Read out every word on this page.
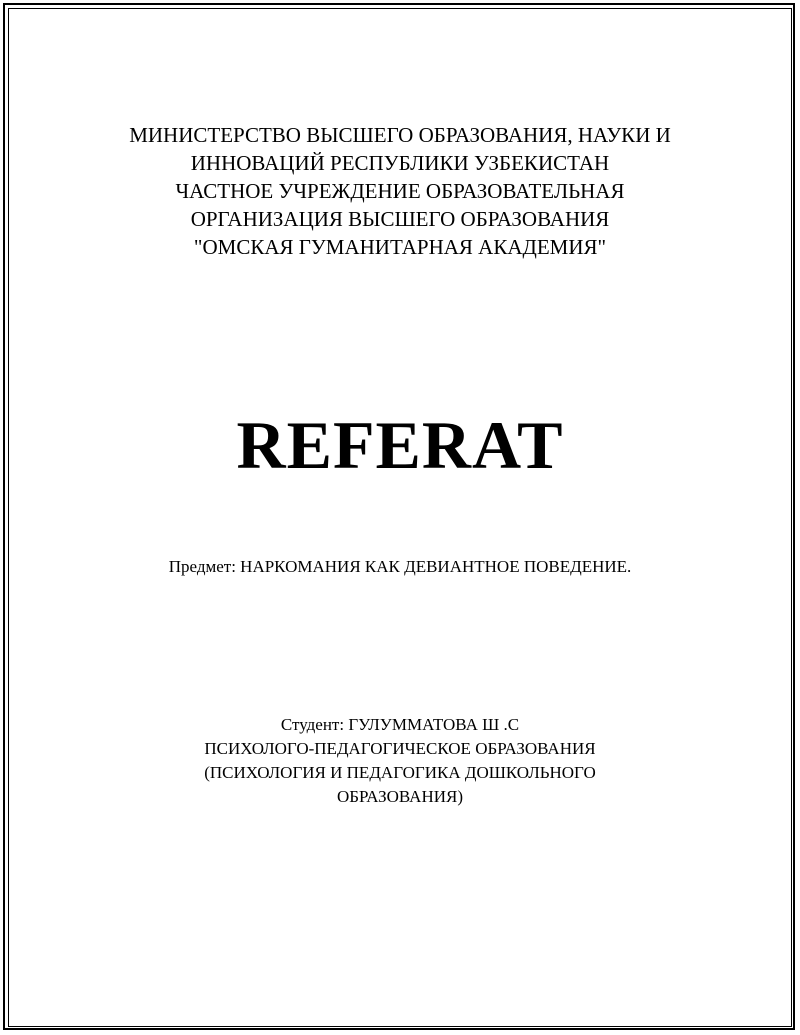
МИНИСТЕРСТВО ВЫСШЕГО ОБРАЗОВАНИЯ, НАУКИ И
ИННОВАЦИЙ РЕСПУБЛИКИ УЗБЕКИСТАН
ЧАСТНОЕ УЧРЕЖДЕНИЕ ОБРАЗОВАТЕЛЬНАЯ
ОРГАНИЗАЦИЯ ВЫСШЕГО ОБРАЗОВАНИЯ
"ОМСКАЯ ГУМАНИТАРНАЯ АКАДЕМИЯ"
REFERAT
Предмет: НАРКОМАНИЯ КАК ДЕВИАНТНОЕ ПОВЕДЕНИЕ.
Студент: ГУЛУММАТОВА Ш .С
ПСИХОЛОГО-ПЕДАГОГИЧЕСКОЕ ОБРАЗОВАНИЯ
(ПСИХОЛОГИЯ И ПЕДАГОГИКА ДОШКОЛЬНОГО
ОБРАЗОВАНИЯ)
